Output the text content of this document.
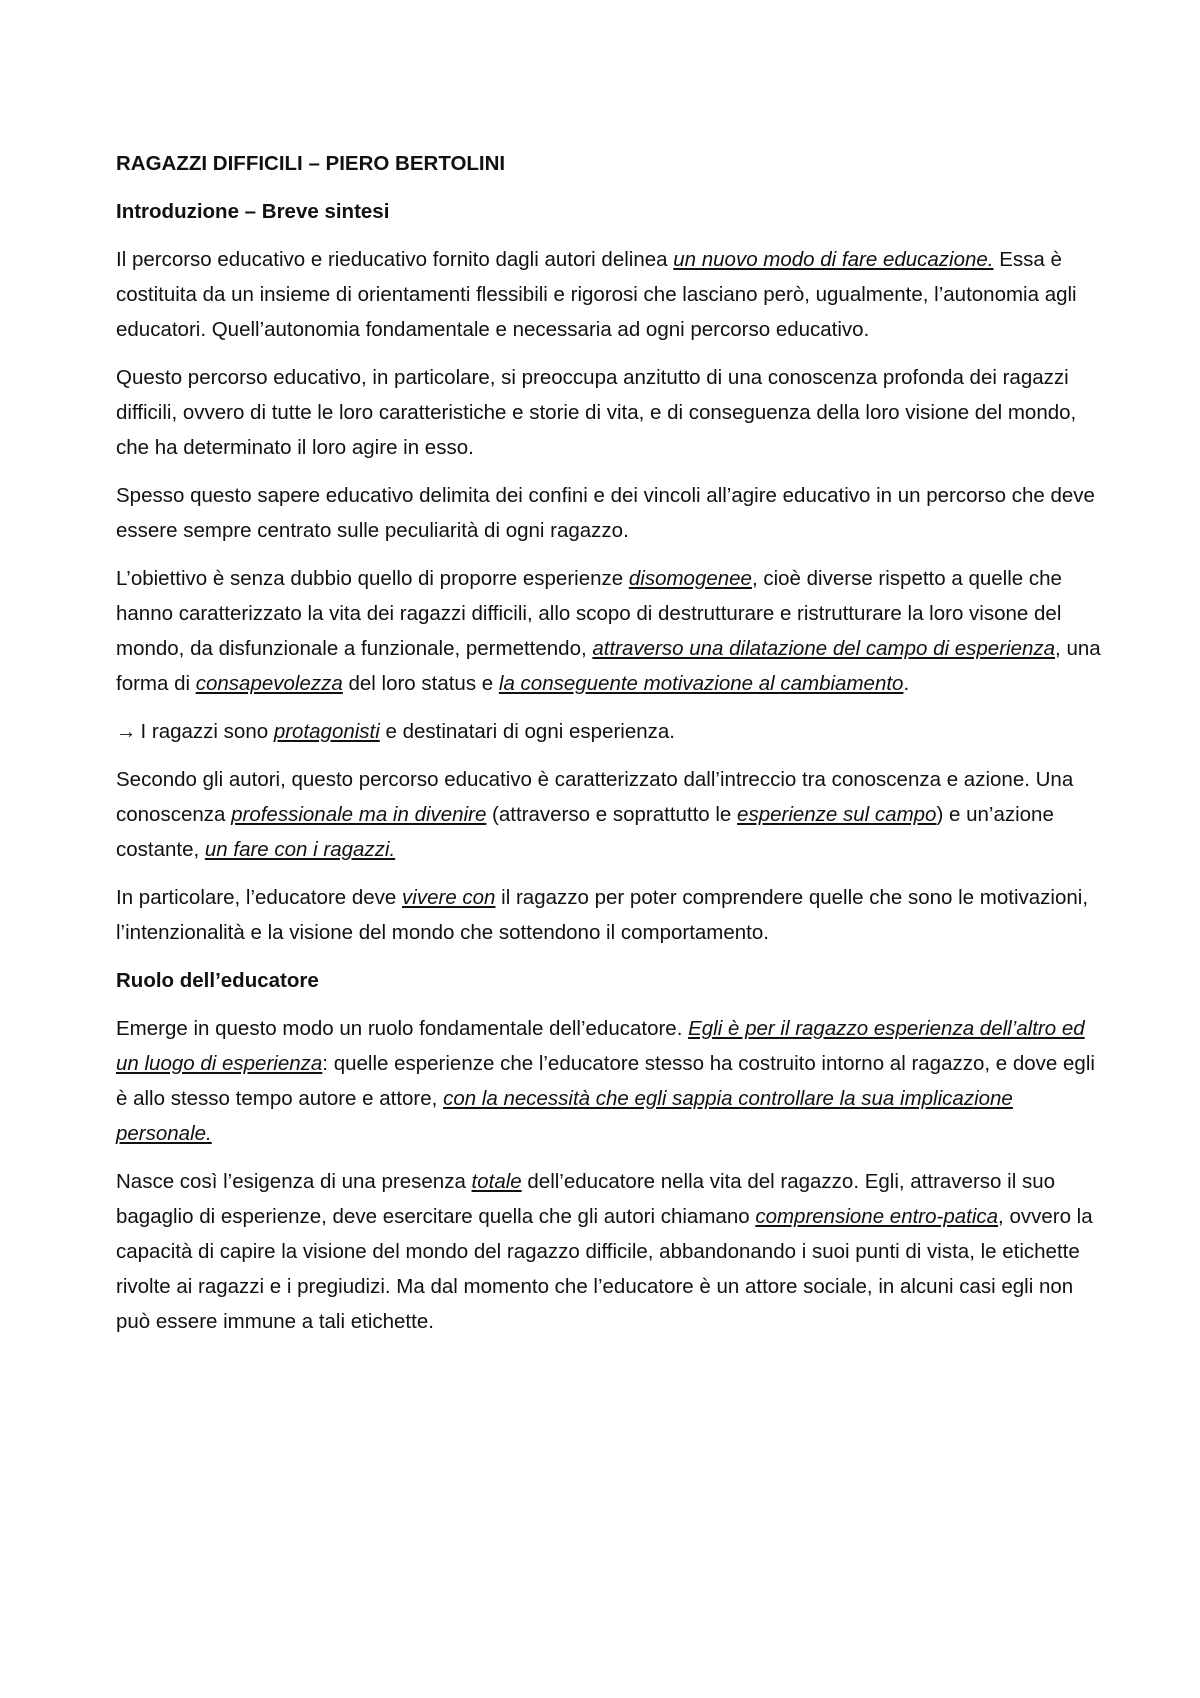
RAGAZZI DIFFICILI – PIERO BERTOLINI
Introduzione – Breve sintesi

Il percorso educativo e rieducativo fornito dagli autori delinea un nuovo modo di fare educazione. Essa è costituita da un insieme di orientamenti flessibili e rigorosi che lasciano però, ugualmente, l’autonomia agli educatori. Quell’autonomia fondamentale e necessaria ad ogni percorso educativo.

Questo percorso educativo, in particolare, si preoccupa anzitutto di una conoscenza profonda dei ragazzi difficili, ovvero di tutte le loro caratteristiche e storie di vita, e di conseguenza della loro visione del mondo, che ha determinato il loro agire in esso.

Spesso questo sapere educativo delimita dei confini e dei vincoli all’agire educativo in un percorso che deve essere sempre centrato sulle peculiarità di ogni ragazzo.

L’obiettivo è senza dubbio quello di proporre esperienze disomogenee, cioè diverse rispetto a quelle che hanno caratterizzato la vita dei ragazzi difficili, allo scopo di destrutturare e ristrutturare la loro visone del mondo, da disfunzionale a funzionale, permettendo, attraverso una dilatazione del campo di esperienza, una forma di consapevolezza del loro status e la conseguente motivazione al cambiamento.

→ I ragazzi sono protagonisti e destinatari di ogni esperienza.

Secondo gli autori, questo percorso educativo è caratterizzato dall’intreccio tra conoscenza e azione. Una conoscenza professionale ma in divenire (attraverso e soprattutto le esperienze sul campo) e un’azione costante, un fare con i ragazzi.

In particolare, l’educatore deve vivere con il ragazzo per poter comprendere quelle che sono le motivazioni, l’intenzionalità e la visione del mondo che sottendono il comportamento.

Ruolo dell’educatore

Emerge in questo modo un ruolo fondamentale dell’educatore. Egli è per il ragazzo esperienza dell’altro ed un luogo di esperienza: quelle esperienze che l’educatore stesso ha costruito intorno al ragazzo, e dove egli è allo stesso tempo autore e attore, con la necessità che egli sappia controllare la sua implicazione personale.

Nasce così l’esigenza di una presenza totale dell’educatore nella vita del ragazzo. Egli, attraverso il suo bagaglio di esperienze, deve esercitare quella che gli autori chiamano comprensione entro-patica, ovvero la capacità di capire la visione del mondo del ragazzo difficile, abbandonando i suoi punti di vista, le etichette rivolte ai ragazzi e i pregiudizi. Ma dal momento che l’educatore è un attore sociale, in alcuni casi egli non può essere immune a tali etichette.
